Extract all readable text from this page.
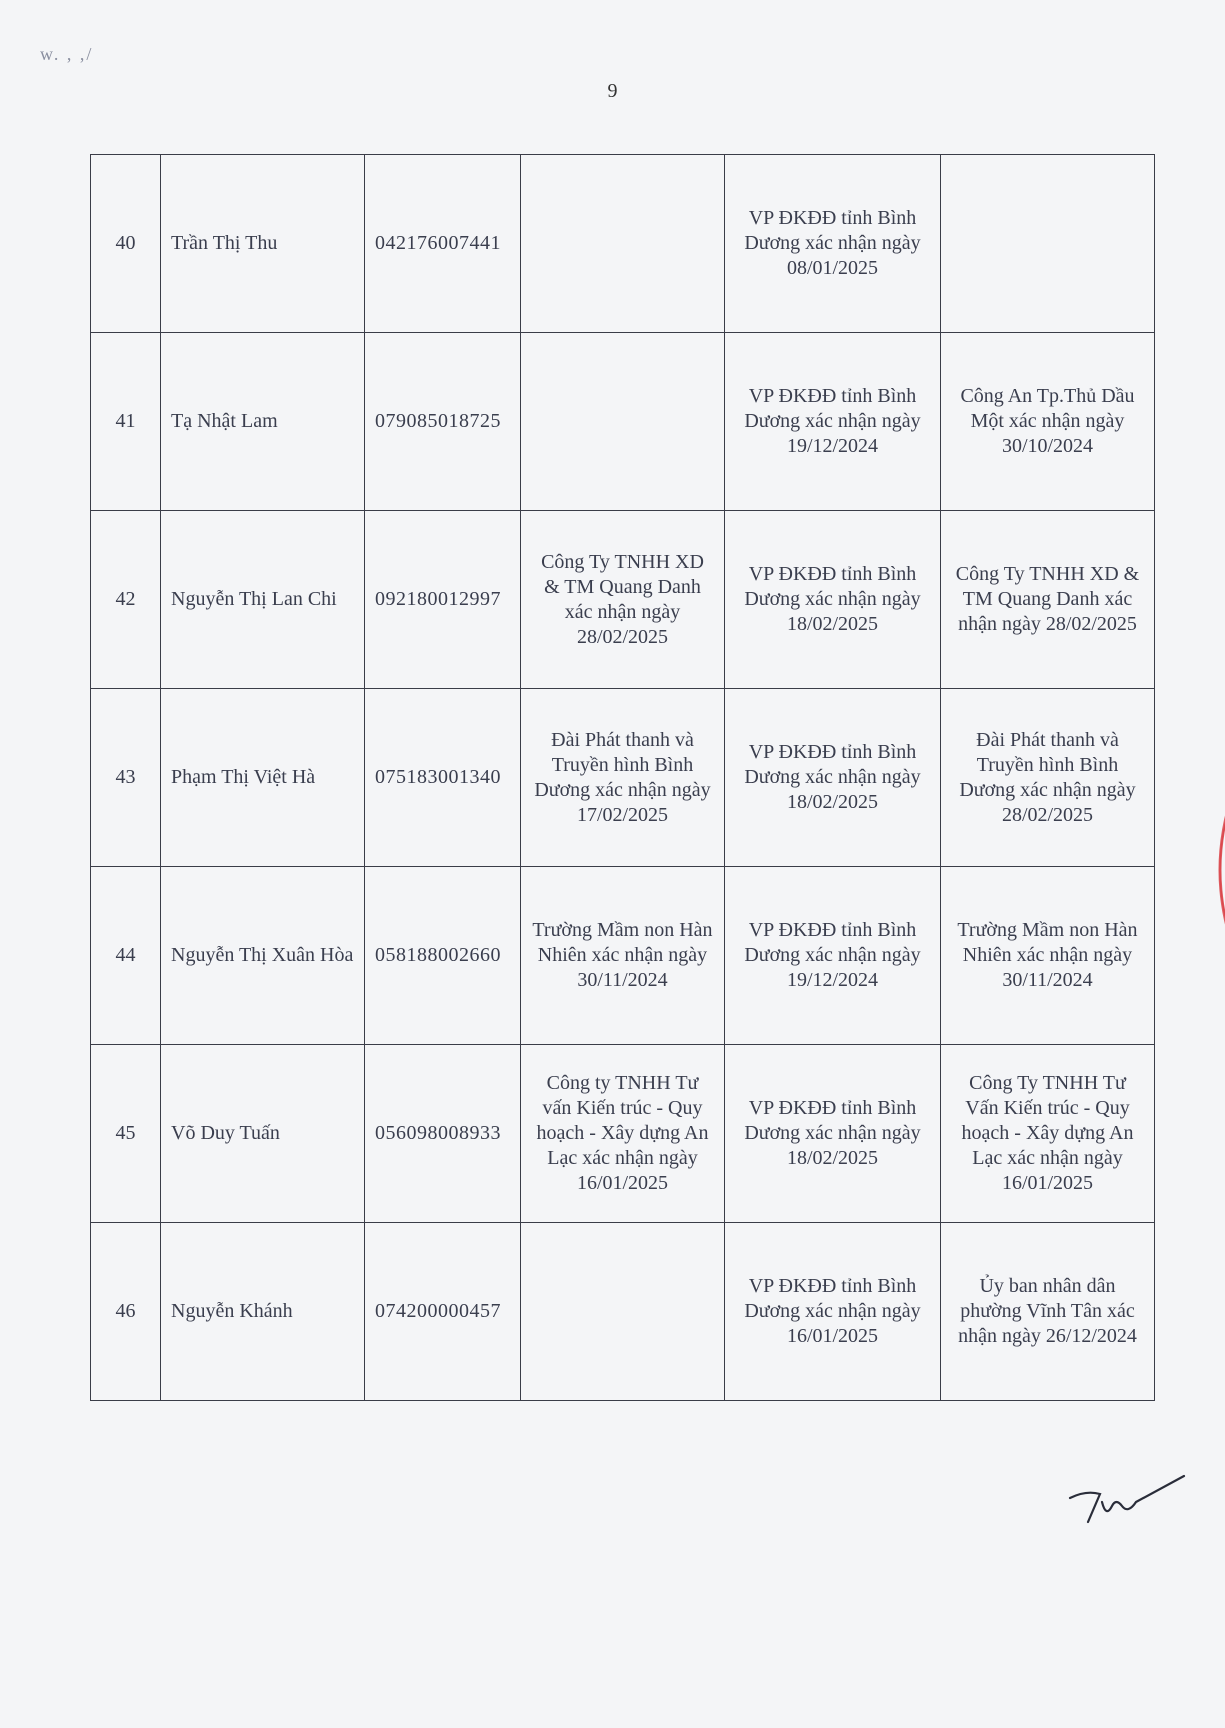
w. , ,/
9
40	Trần Thị Thu	042176007441		VP ĐKĐĐ tỉnh Bình Dương xác nhận ngày 08/01/2025	
41	Tạ Nhật Lam	079085018725		VP ĐKĐĐ tỉnh Bình Dương xác nhận ngày 19/12/2024	Công An Tp.Thủ Dầu Một xác nhận ngày 30/10/2024
42	Nguyễn Thị Lan Chi	092180012997	Công Ty TNHH XD & TM Quang Danh xác nhận ngày 28/02/2025	VP ĐKĐĐ tỉnh Bình Dương xác nhận ngày 18/02/2025	Công Ty TNHH XD & TM Quang Danh xác nhận ngày 28/02/2025
43	Phạm Thị Việt Hà	075183001340	Đài Phát thanh và Truyền hình Bình Dương xác nhận ngày 17/02/2025	VP ĐKĐĐ tỉnh Bình Dương xác nhận ngày 18/02/2025	Đài Phát thanh và Truyền hình Bình Dương xác nhận ngày 28/02/2025
44	Nguyễn Thị Xuân Hòa	058188002660	Trường Mầm non Hàn Nhiên xác nhận ngày 30/11/2024	VP ĐKĐĐ tỉnh Bình Dương xác nhận ngày 19/12/2024	Trường Mầm non Hàn Nhiên xác nhận ngày 30/11/2024
45	Võ Duy Tuấn	056098008933	Công ty TNHH Tư vấn Kiến trúc - Quy hoạch - Xây dựng An Lạc xác nhận ngày 16/01/2025	VP ĐKĐĐ tỉnh Bình Dương xác nhận ngày 18/02/2025	Công Ty TNHH Tư Vấn Kiến trúc - Quy hoạch - Xây dựng An Lạc xác nhận ngày 16/01/2025
46	Nguyễn Khánh	074200000457		VP ĐKĐĐ tỉnh Bình Dương xác nhận ngày 16/01/2025	Ủy ban nhân dân phường Vĩnh Tân xác nhận ngày 26/12/2024
